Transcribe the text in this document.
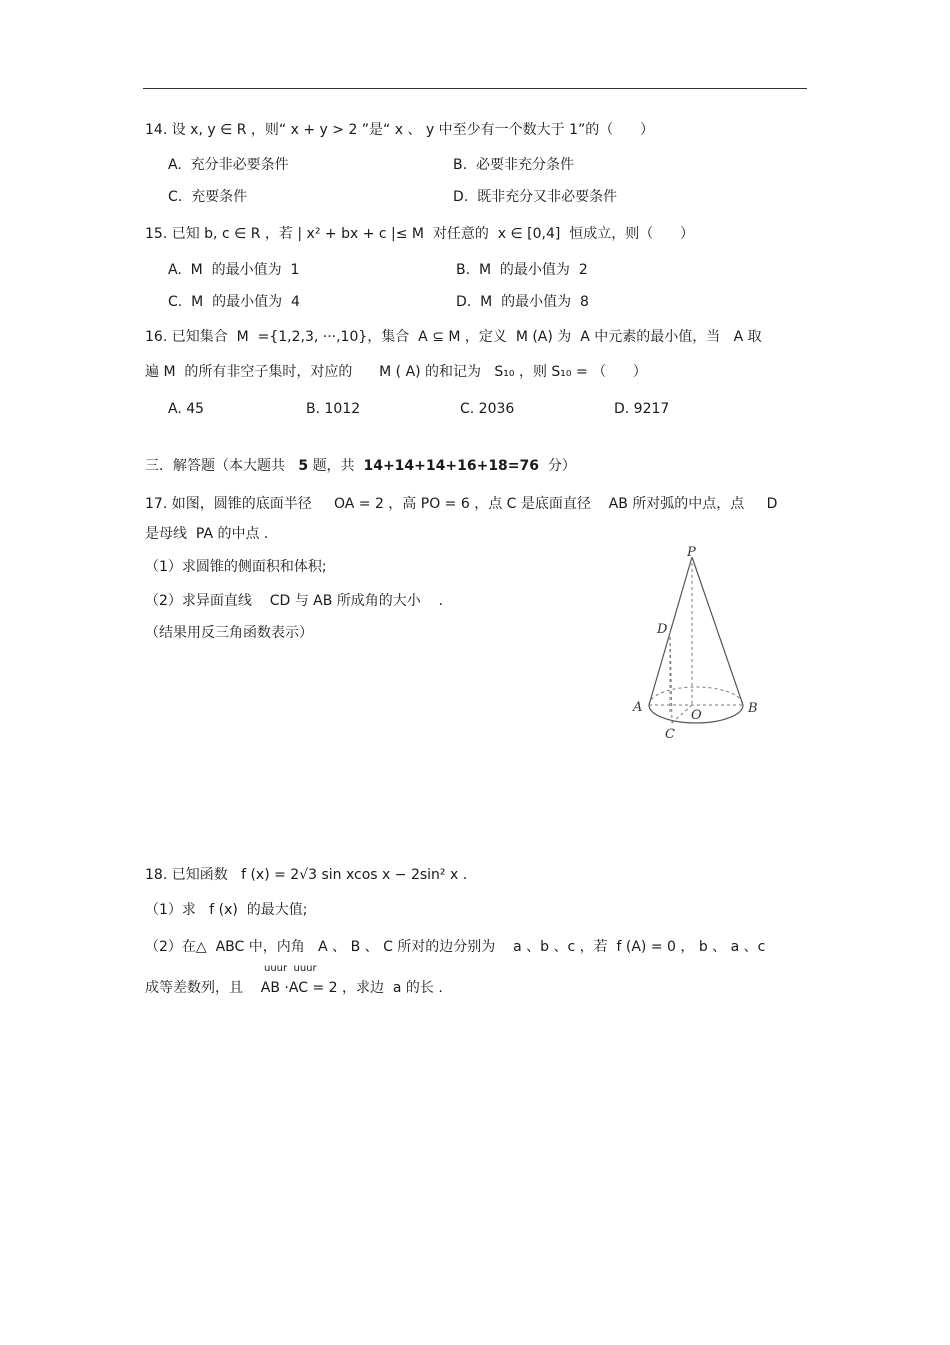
14. 设 x, y ∈ R ，则“ x + y > 2 ”是“ x 、 y 中至少有一个数大于 1”的（      ）
A.  充分非必要条件	B.  必要非充分条件
C.  充要条件	D.  既非充分又非必要条件
15. 已知 b, c ∈ R ，若 | x² + bx + c |≤ M  对任意的  x ∈ [0,4]  恒成立，则（      ）
A.  M  的最小值为  1	B.  M  的最小值为  2
C.  M  的最小值为  4	D.  M  的最小值为  8
16. 已知集合  M  ={1,2,3, ···,10}，集合  A ⊆ M ，定义  M (A) 为  A 中元素的最小值，当   A 取
遍 M  的所有非空子集时，对应的      M ( A) 的和记为   S₁₀ ，则 S₁₀ = （      ）
A. 45	B. 1012	C. 2036	D. 9217
三．解答题（本大题共 5 题，共 14+14+14+16+18=76 分）
17. 如图，圆锥的底面半径     OA = 2 ，高 PO = 6 ，点 C 是底面直径    AB 所对弧的中点，点     D
是母线  PA 的中点 .
（1）求圆锥的侧面积和体积;
（2）求异面直线    CD 与 AB 所成角的大小    .
（结果用反三角函数表示）
P
D
A
O	B
C
18. 已知函数   f (x) = 2√3 sin xcos x − 2sin² x .
（1）求   f (x)  的最大值;
（2）在△  ABC 中，内角   A 、 B 、 C 所对的边分别为    a 、b 、c ，若  f (A) = 0 ， b 、 a 、c
uuur  uuur
成等差数列，且    AB ·AC = 2 ，求边  a 的长 .
